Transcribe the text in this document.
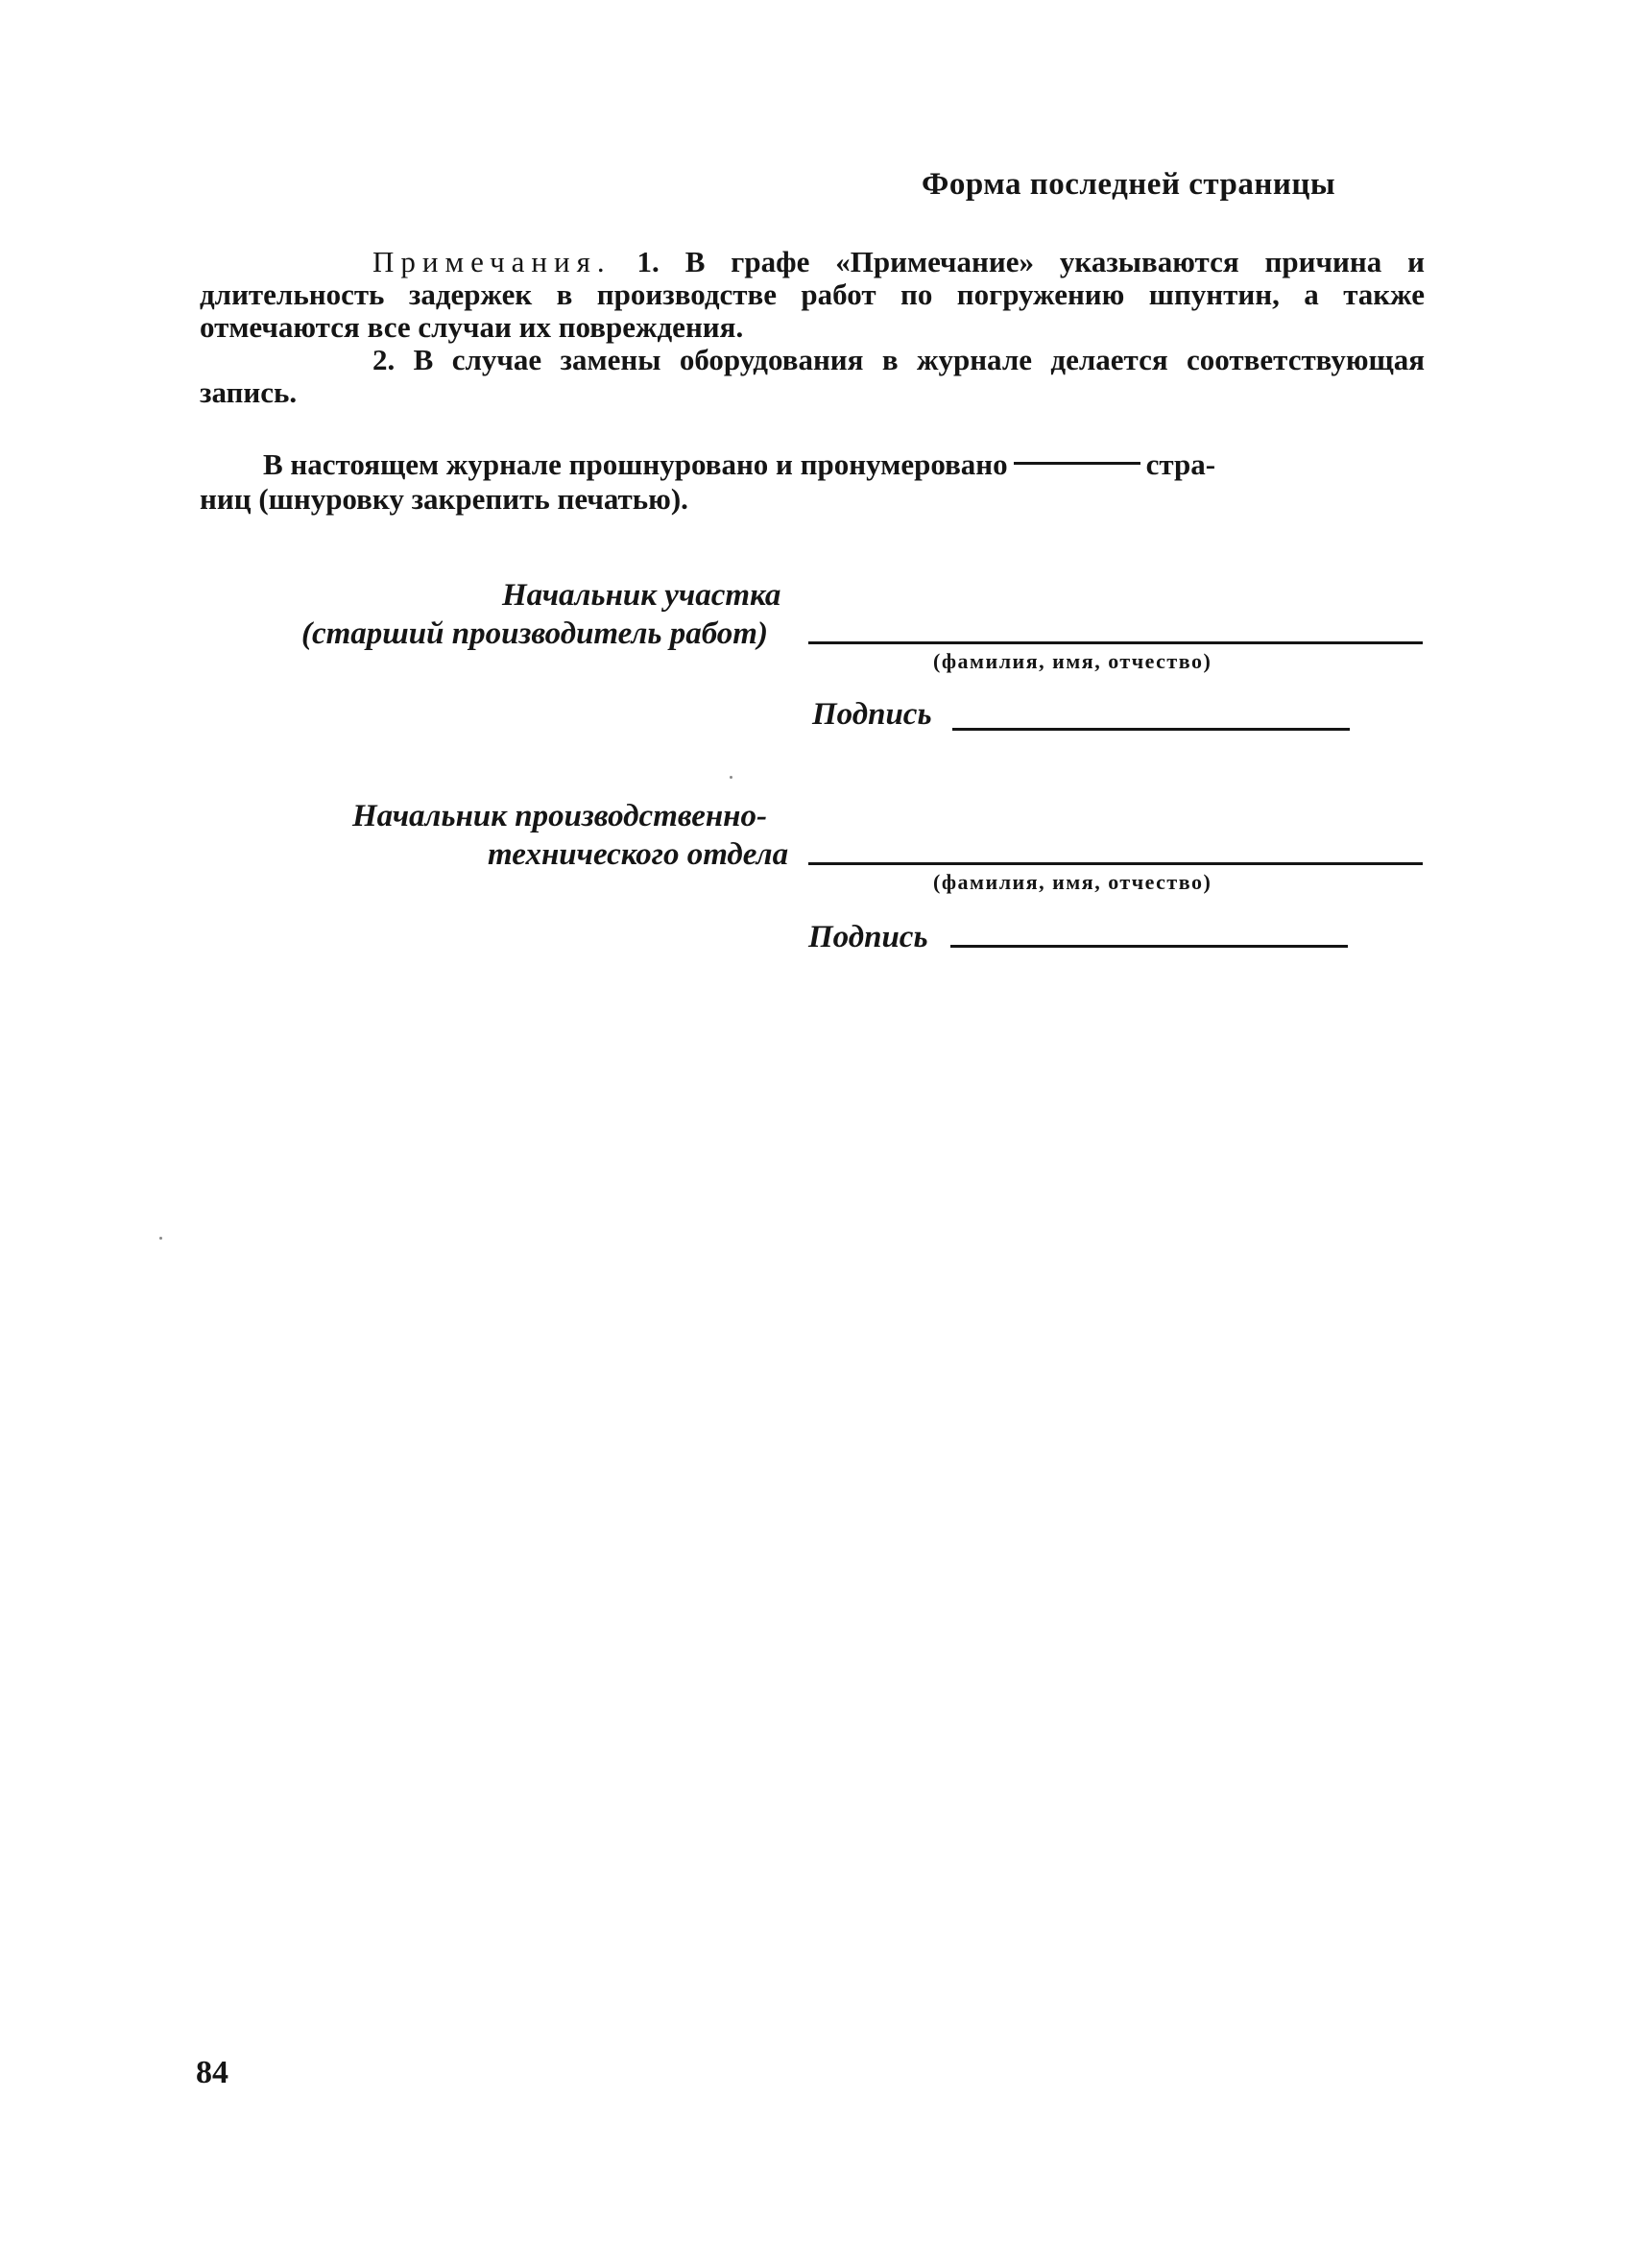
Форма последней страницы

Примечания. 1. В графе «Примечание» указываются причина и длительность задержек в производстве работ по погружению шпунтин, а также отмечаются все случаи их повреждения.

2. В случае замены оборудования в журнале делается соответствующая запись.

В настоящем журнале прошнуровано и пронумеровано	стра-
ниц (шнуровку закрепить печатью).
Начальник участка
(старший производитель работ)
(фамилия, имя, отчество)
Подпись
Начальник производственно-
технического отдела
(фамилия, имя, отчество)
Подпись
84
